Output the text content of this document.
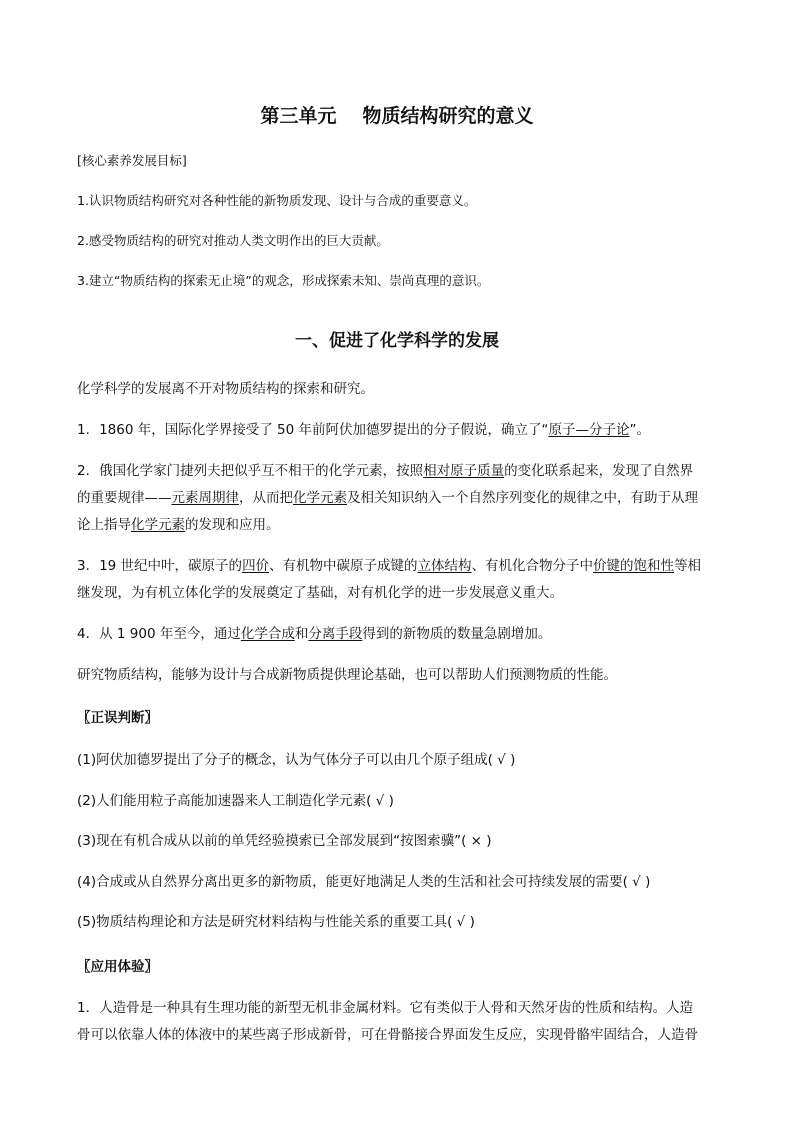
第三单元 物质结构研究的意义
[核心素养发展目标]
1.认识物质结构研究对各种性能的新物质发现、设计与合成的重要意义。
2.感受物质结构的研究对推动人类文明作出的巨大贡献。
3.建立“物质结构的探索无止境”的观念，形成探索未知、崇尚真理的意识。
一、促进了化学科学的发展
化学科学的发展离不开对物质结构的探索和研究。
1．1860 年，国际化学界接受了 50 年前阿伏加德罗提出的分子假说，确立了“原子—分子论”。
2．俄国化学家门捷列夫把似乎互不相干的化学元素，按照相对原子质量的变化联系起来，发现了自然界
的重要规律——元素周期律，从而把化学元素及相关知识纳入一个自然序列变化的规律之中，有助于从理
论上指导化学元素的发现和应用。
3．19 世纪中叶，碳原子的四价、有机物中碳原子成键的立体结构、有机化合物分子中价键的饱和性等相
继发现，为有机立体化学的发展奠定了基础，对有机化学的进一步发展意义重大。
4．从 1 900 年至今，通过化学合成和分离手段得到的新物质的数量急剧增加。
研究物质结构，能够为设计与合成新物质提供理论基础，也可以帮助人们预测物质的性能。
〖正误判断〗
(1)阿伏加德罗提出了分子的概念，认为气体分子可以由几个原子组成( √ )
(2)人们能用粒子高能加速器来人工制造化学元素( √ )
(3)现在有机合成从以前的单凭经验摸索已全部发展到“按图索骥”( × )
(4)合成或从自然界分离出更多的新物质，能更好地满足人类的生活和社会可持续发展的需要( √ )
(5)物质结构理论和方法是研究材料结构与性能关系的重要工具( √ )
〖应用体验〗
1．人造骨是一种具有生理功能的新型无机非金属材料。它有类似于人骨和天然牙齿的性质和结构。人造
骨可以依靠人体的体液中的某些离子形成新骨，可在骨骼接合界面发生反应，实现骨骼牢固结合，人造骨
